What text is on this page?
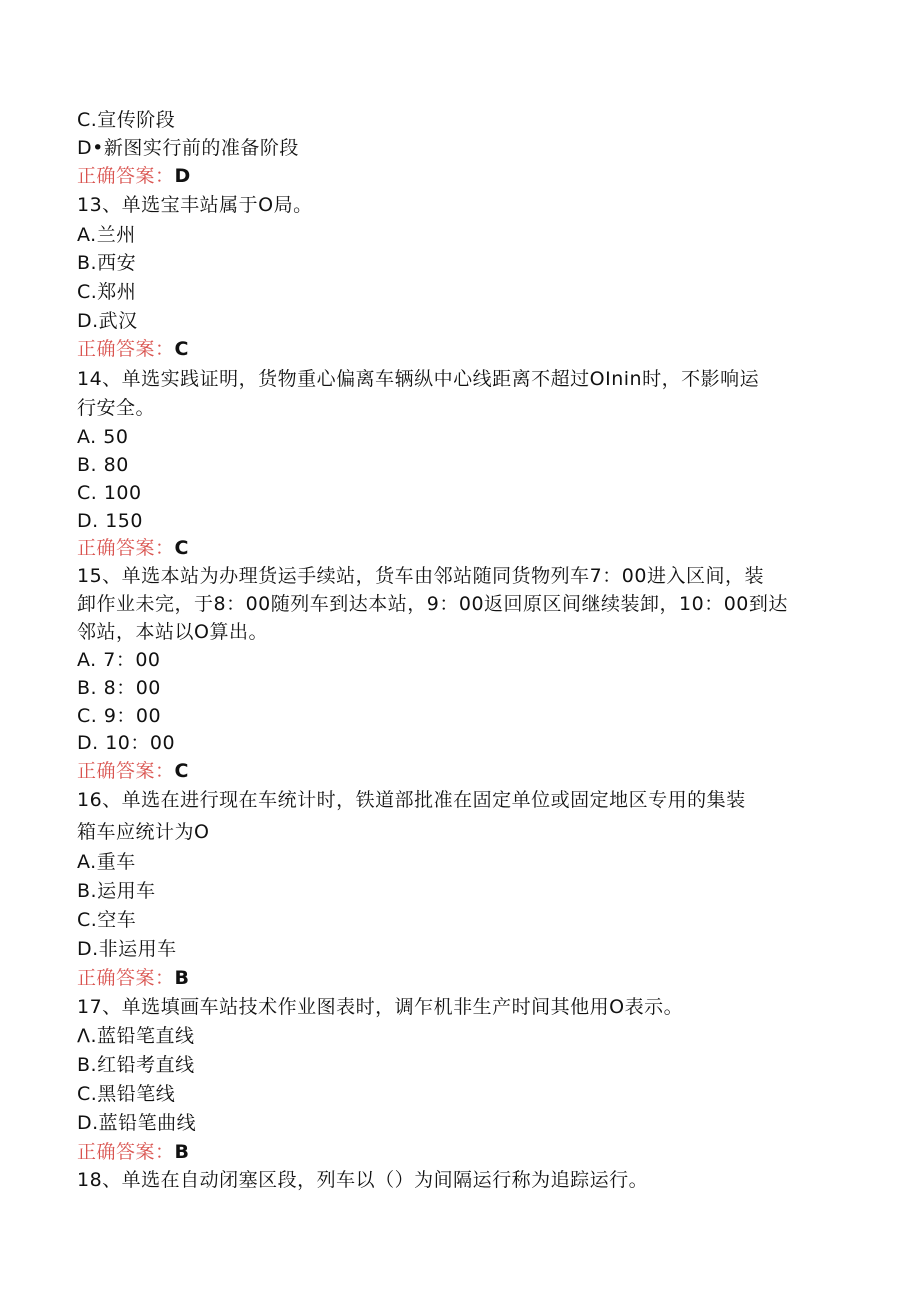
C.宣传阶段
D•新图实行前的准备阶段
正确答案：D
13、单选宝丰站属于O局。
A.兰州
B.西安
C.郑州
D.武汉
正确答案：C
14、单选实践证明，货物重心偏离车辆纵中心线距离不超过OInin时，不影响运
行安全。
A. 50
B. 80
C. 100
D. 150
正确答案：C
15、单选本站为办理货运手续站，货车由邻站随同货物列车7：00进入区间，装
卸作业未完，于8：00随列车到达本站，9：00返回原区间继续装卸，10：00到达
邻站，本站以O算出。
A. 7：00
B. 8：00
C. 9：00
D. 10：00
正确答案：C
16、单选在进行现在车统计时，铁道部批准在固定单位或固定地区专用的集装
箱车应统计为O
A.重车
B.运用车
C.空车
D.非运用车
正确答案：B
17、单选填画车站技术作业图表时，调乍机非生产时间其他用O表示。
Λ.蓝铅笔直线
B.红铅考直线
C.黑铅笔线
D.蓝铅笔曲线
正确答案：B
18、单选在自动闭塞区段，列车以（）为间隔运行称为追踪运行。
